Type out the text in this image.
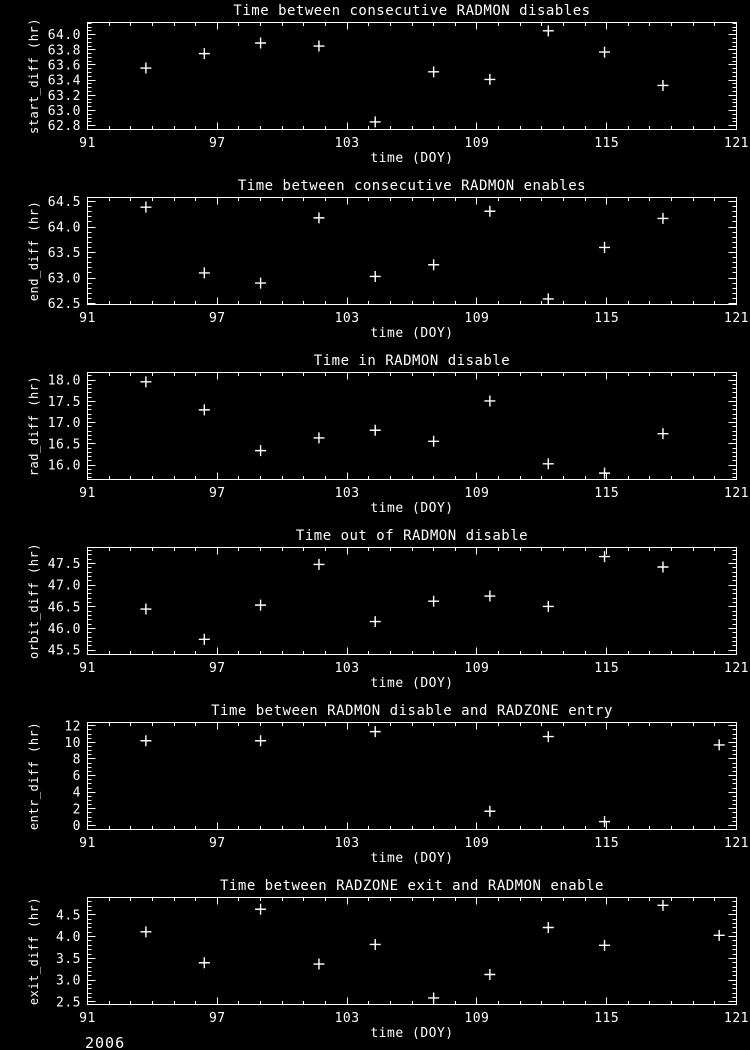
91	97	103	109	115	121
62.8
63.0
63.2
63.4
63.6
63.8
64.0
Time between consecutive RADMON disables
time (DOY)
start_diff (hr)
91	97	103	109	115	121
62.5
63.0
63.5
64.0
64.5
Time between consecutive RADMON enables
time (DOY)
end_diff (hr)
91	97	103	109	115	121
16.0
16.5
17.0
17.5
18.0
Time in RADMON disable
time (DOY)
rad_diff (hr)
91	97	103	109	115	121
45.5
46.0
46.5
47.0
47.5
Time out of RADMON disable
time (DOY)
orbit_diff (hr)
91	97	103	109	115	121
0
2
4
6
8
10
12
Time between RADMON disable and RADZONE entry
time (DOY)
entr_diff (hr)
91	97	103	109	115	121
2.5
3.0
3.5
4.0
4.5
Time between RADZONE exit and RADMON enable
time (DOY)
exit_diff (hr)
2006
